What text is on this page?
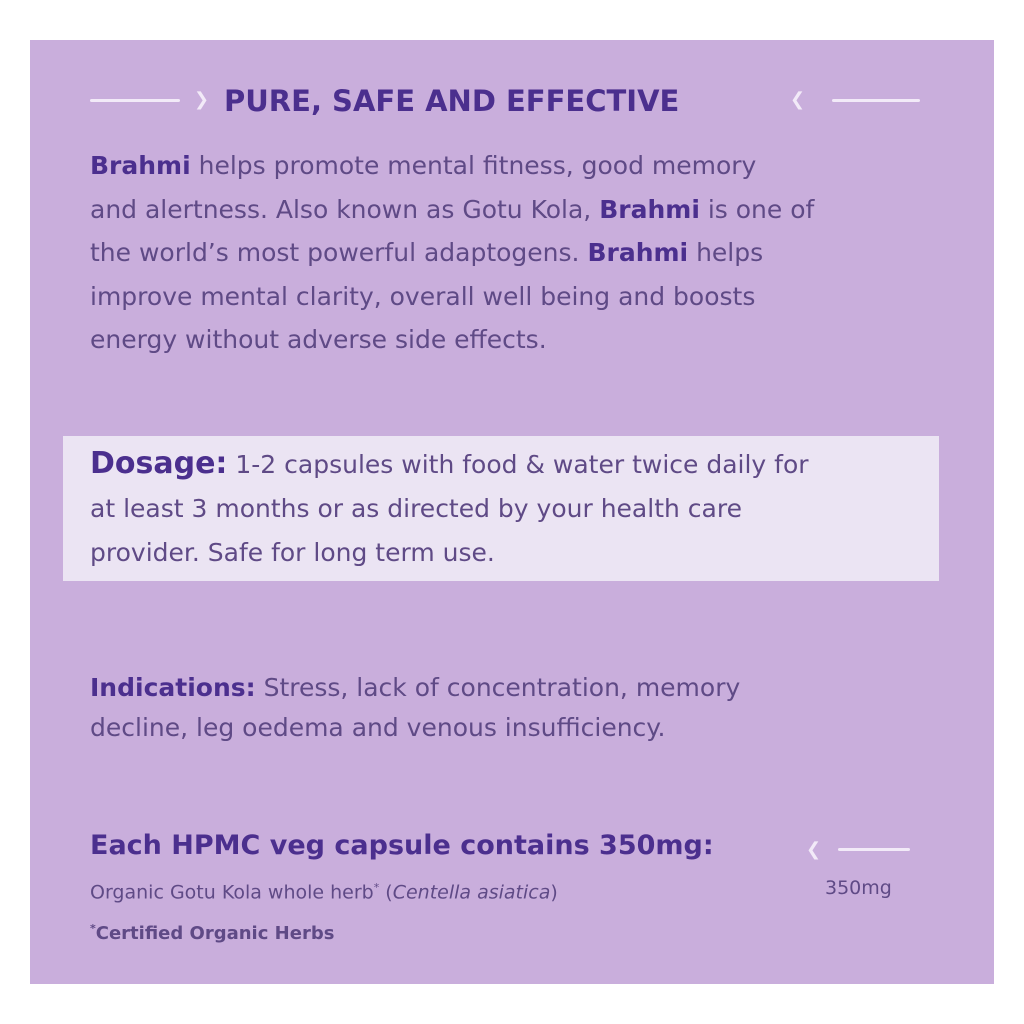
❯ PURE, SAFE AND EFFECTIVE	❮
Brahmi helps promote mental fitness, good memory
and alertness. Also known as Gotu Kola, Brahmi is one of
the world’s most powerful adaptogens. Brahmi helps
improve mental clarity, overall well being and boosts
energy without adverse side effects.
Dosage: 1-2 capsules with food & water twice daily for
at least 3 months or as directed by your health care
provider. Safe for long term use.
Indications: Stress, lack of concentration, memory
decline, leg oedema and venous insufficiency.
Each HPMC veg capsule contains 350mg:	❮
Organic Gotu Kola whole herb* (Centella asiatica)	350mg
*Certified Organic Herbs
